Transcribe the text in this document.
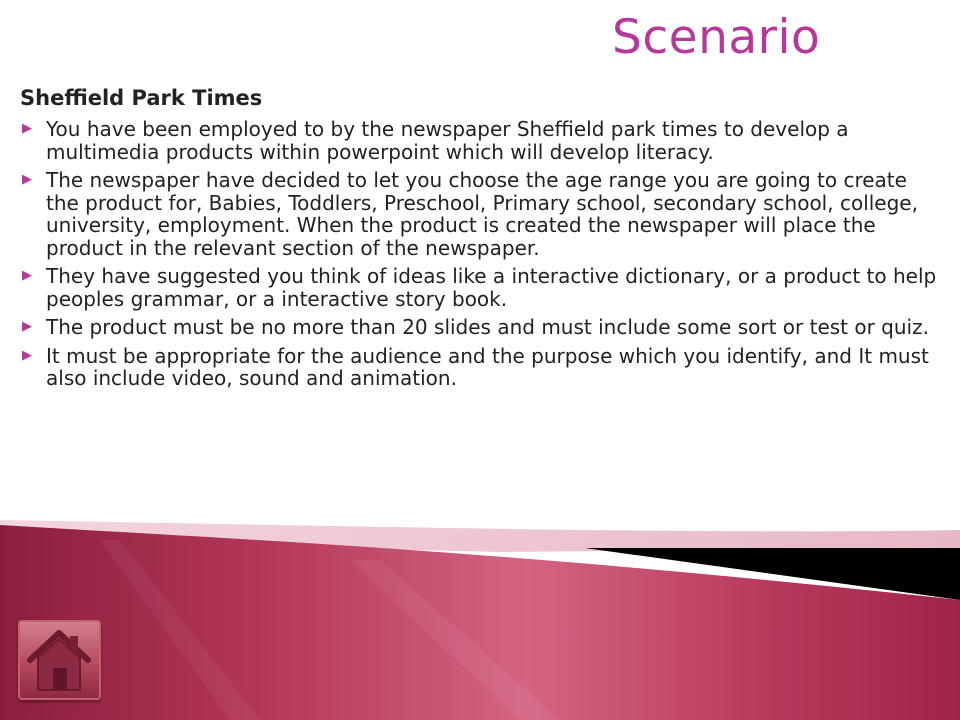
Scenario
Sheffield Park Times
▶ You have been employed to by the newspaper Sheffield park times to develop a multimedia products within powerpoint which will develop literacy.
▶ The newspaper have decided to let you choose the age range you are going to create the product for, Babies, Toddlers, Preschool, Primary school, secondary school, college, university, employment. When the product is created the newspaper will place the product in the relevant section of the newspaper.
▶ They have suggested you think of ideas like a interactive dictionary, or a product to help peoples grammar, or a interactive story book.
▶ The product must be no more than 20 slides and must include some sort or test or quiz.
▶ It must be appropriate for the audience and the purpose which you identify, and It must also include video, sound and animation.
